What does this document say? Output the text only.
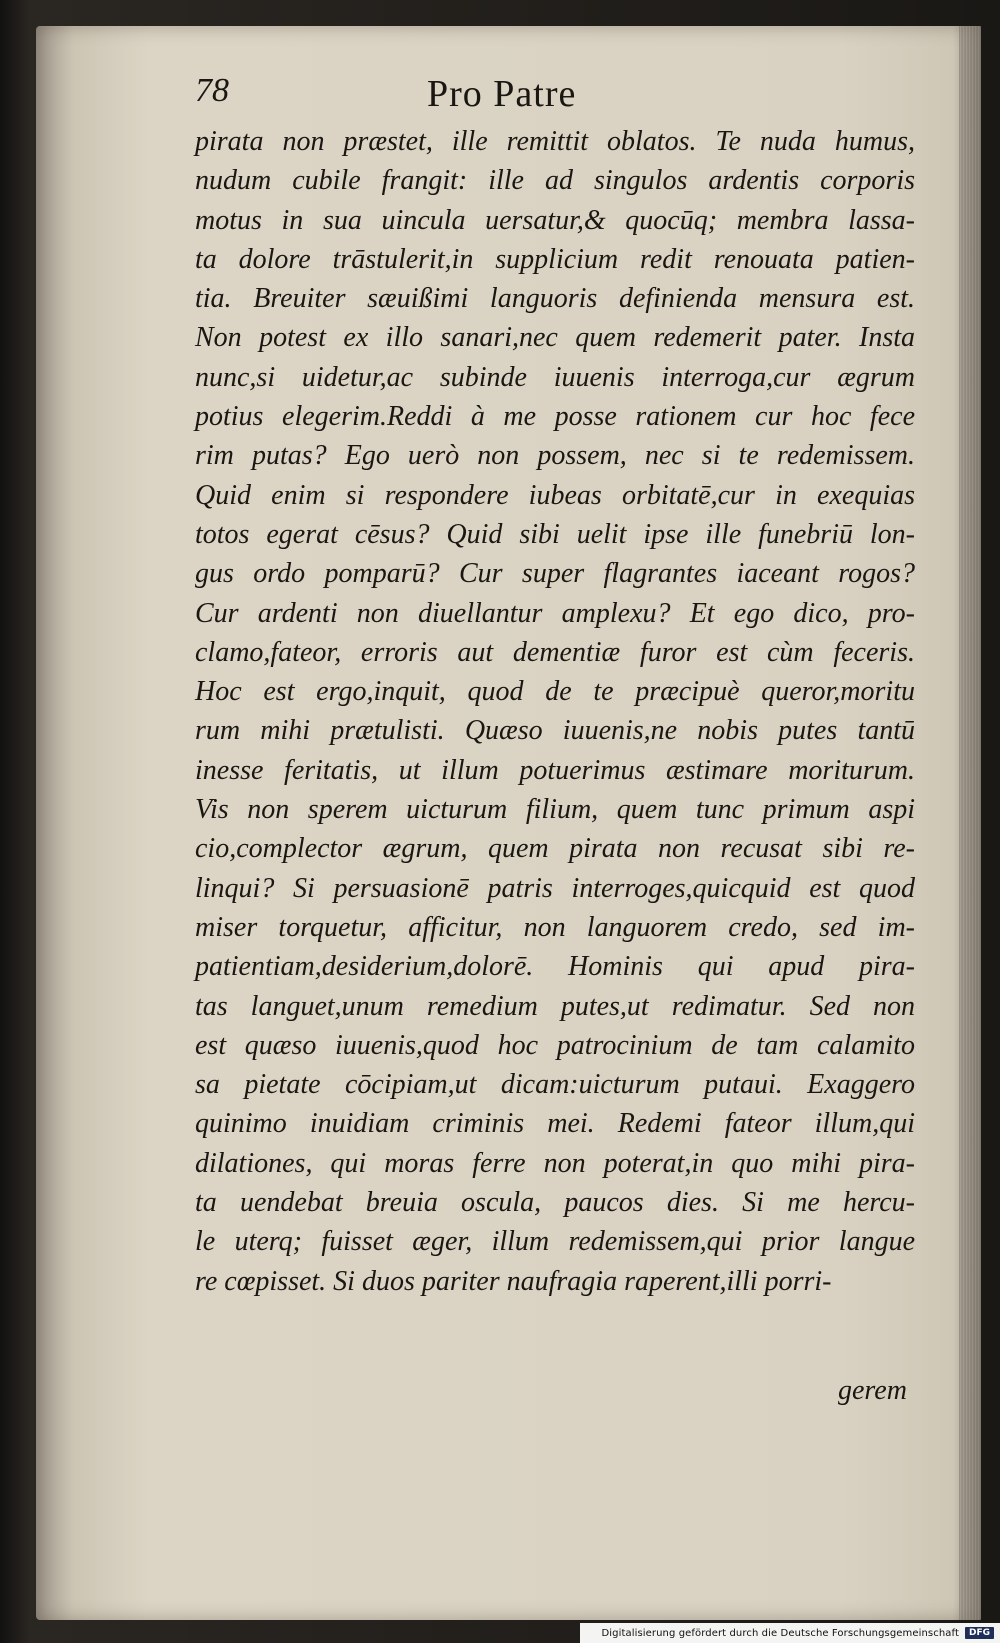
78	Pro Patre
pirata non præstet, ille remittit oblatos. Te nuda humus,
nudum cubile frangit: ille ad singulos ardentis corporis
motus in sua uincula uersatur,& quocūq; membra lassa-
ta dolore trāstulerit,in supplicium redit renouata patien-
tia. Breuiter sæuißimi languoris definienda mensura est.
Non potest ex illo sanari,nec quem redemerit pater. Insta
nunc,si uidetur,ac subinde iuuenis interroga,cur ægrum
potius elegerim.Reddi à me posse rationem cur hoc fece
rim putas? Ego uerò non possem, nec si te redemissem.
Quid enim si respondere iubeas orbitatē,cur in exequias
totos egerat cēsus? Quid sibi uelit ipse ille funebriū lon-
gus ordo pomparū? Cur super flagrantes iaceant rogos?
Cur ardenti non diuellantur amplexu? Et ego dico, pro-
clamo,fateor, erroris aut dementiæ furor est cùm feceris.
Hoc est ergo,inquit, quod de te præcipuè queror,moritu
rum mihi prætulisti. Quæso iuuenis,ne nobis putes tantū
inesse feritatis, ut illum potuerimus æstimare moriturum.
Vis non sperem uicturum filium, quem tunc primum aspi
cio,complector ægrum, quem pirata non recusat sibi re-
linqui? Si persuasionē patris interroges,quicquid est quod
miser torquetur, afficitur, non languorem credo, sed im-
patientiam,desiderium,dolorē. Hominis qui apud pira-
tas languet,unum remedium putes,ut redimatur. Sed non
est quæso iuuenis,quod hoc patrocinium de tam calamito
sa pietate cōcipiam,ut dicam:uicturum putaui. Exaggero
quinimo inuidiam criminis mei. Redemi fateor illum,qui
dilationes, qui moras ferre non poterat,in quo mihi pira-
ta uendebat breuia oscula, paucos dies. Si me hercu-
le uterq; fuisset æger, illum redemissem,qui prior langue
re cœpisset. Si duos pariter naufragia raperent,illi porri-
gerem
Digitalisierung gefördert durch die Deutsche Forschungsgemeinschaft	DFG
